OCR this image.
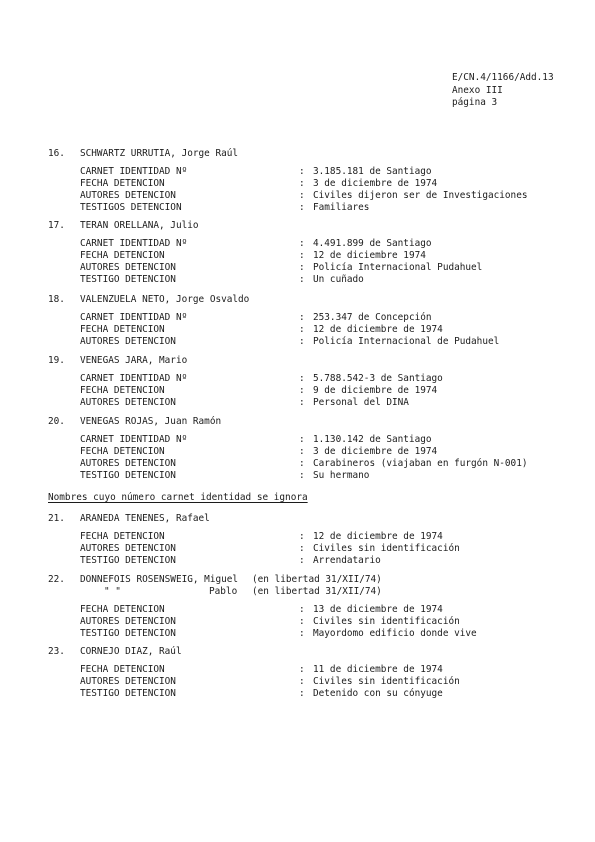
E/CN.4/1166/Add.13
Anexo III
página 3
16. SCHWARTZ URRUTIA, Jorge Raúl
CARNET IDENTIDAD Nº	: 3.185.181 de Santiago
FECHA DETENCION	: 3 de diciembre de 1974
AUTORES DETENCION	: Civiles dijeron ser de Investigaciones
TESTIGOS DETENCION	: Familiares
17. TERAN ORELLANA, Julio
CARNET IDENTIDAD Nº	: 4.491.899 de Santiago
FECHA DETENCION	: 12 de diciembre 1974
AUTORES DETENCION	: Policía Internacional Pudahuel
TESTIGO DETENCION	: Un cuñado
18. VALENZUELA NETO, Jorge Osvaldo
CARNET IDENTIDAD Nº	: 253.347 de Concepción
FECHA DETENCION	: 12 de diciembre de 1974
AUTORES DETENCION	: Policía Internacional de Pudahuel
19. VENEGAS JARA, Mario
CARNET IDENTIDAD Nº	: 5.788.542-3 de Santiago
FECHA DETENCION	: 9 de diciembre de 1974
AUTORES DETENCION	: Personal del DINA
20. VENEGAS ROJAS, Juan Ramón
CARNET IDENTIDAD Nº	: 1.130.142 de Santiago
FECHA DETENCION	: 3 de diciembre de 1974
AUTORES DETENCION	: Carabineros (viajaban en furgón N-001)
TESTIGO DETENCION	: Su hermano
Nombres cuyo número carnet identidad se ignora
21. ARANEDA TENENES, Rafael
FECHA DETENCION	: 12 de diciembre de 1974
AUTORES DETENCION	: Civiles sin identificación
TESTIGO DETENCION	: Arrendatario
22. DONNEFOIS ROSENSWEIG, Miguel (en libertad 31/XII/74)
" "	Pablo (en libertad 31/XII/74)
FECHA DETENCION	: 13 de diciembre de 1974
AUTORES DETENCION	: Civiles sin identificación
TESTIGO DETENCION	: Mayordomo edificio donde vive
23. CORNEJO DIAZ, Raúl
FECHA DETENCION	: 11 de diciembre de 1974
AUTORES DETENCION	: Civiles sin identificación
TESTIGO DETENCION	: Detenido con su cónyuge
